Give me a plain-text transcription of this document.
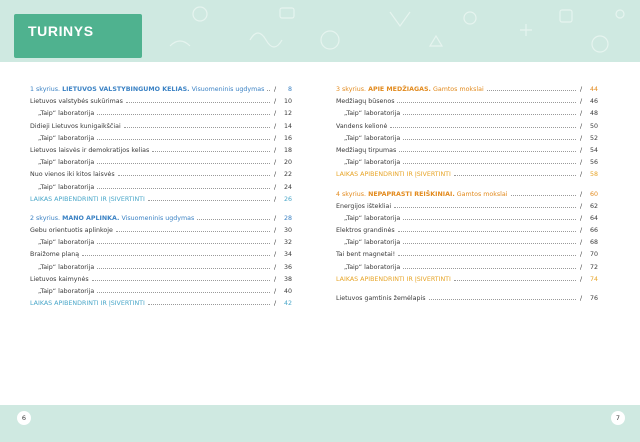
TURINYS
1 skyrius. LIETUVOS VALSTYBINGUMO KELIAS. Visuomeninis ugdymas	/	8
Lietuvos valstybės sukūrimas	/	10
„Taip“ laboratorija	/	12
Didieji Lietuvos kunigaikščiai	/	14
„Taip“ laboratorija	/	16
Lietuvos laisvės ir demokratijos kelias	/	18
„Taip“ laboratorija	/	20
Nuo vienos iki kitos laisvės	/	22
„Taip“ laboratorija	/	24
LAIKAS APIBENDRINTI IR ĮSIVERTINTI	/	26
2 skyrius. MANO APLINKA. Visuomeninis ugdymas	/	28
Gebu orientuotis aplinkoje	/	30
„Taip“ laboratorija	/	32
Braižome planą	/	34
„Taip“ laboratorija	/	36
Lietuvos kaimynės	/	38
„Taip“ laboratorija	/	40
LAIKAS APIBENDRINTI IR ĮSIVERTINTI	/	42
3 skyrius. APIE MEDŽIAGAS. Gamtos mokslai	/	44
Medžiagų būsenos	/	46
„Taip“ laboratorija	/	48
Vandens kelionė	/	50
„Taip“ laboratorija	/	52
Medžiagų tirpumas	/	54
„Taip“ laboratorija	/	56
LAIKAS APIBENDRINTI IR ĮSIVERTINTI	/	58
4 skyrius. NEPAPRASTI REIŠKINIAI. Gamtos mokslai	/	60
Energijos ištekliai	/	62
„Taip“ laboratorija	/	64
Elektros grandinės	/	66
„Taip“ laboratorija	/	68
Tai bent magnetai!	/	70
„Taip“ laboratorija	/	72
LAIKAS APIBENDRINTI IR ĮSIVERTINTI	/	74
Lietuvos gamtinis žemėlapis	/	76
6	7
